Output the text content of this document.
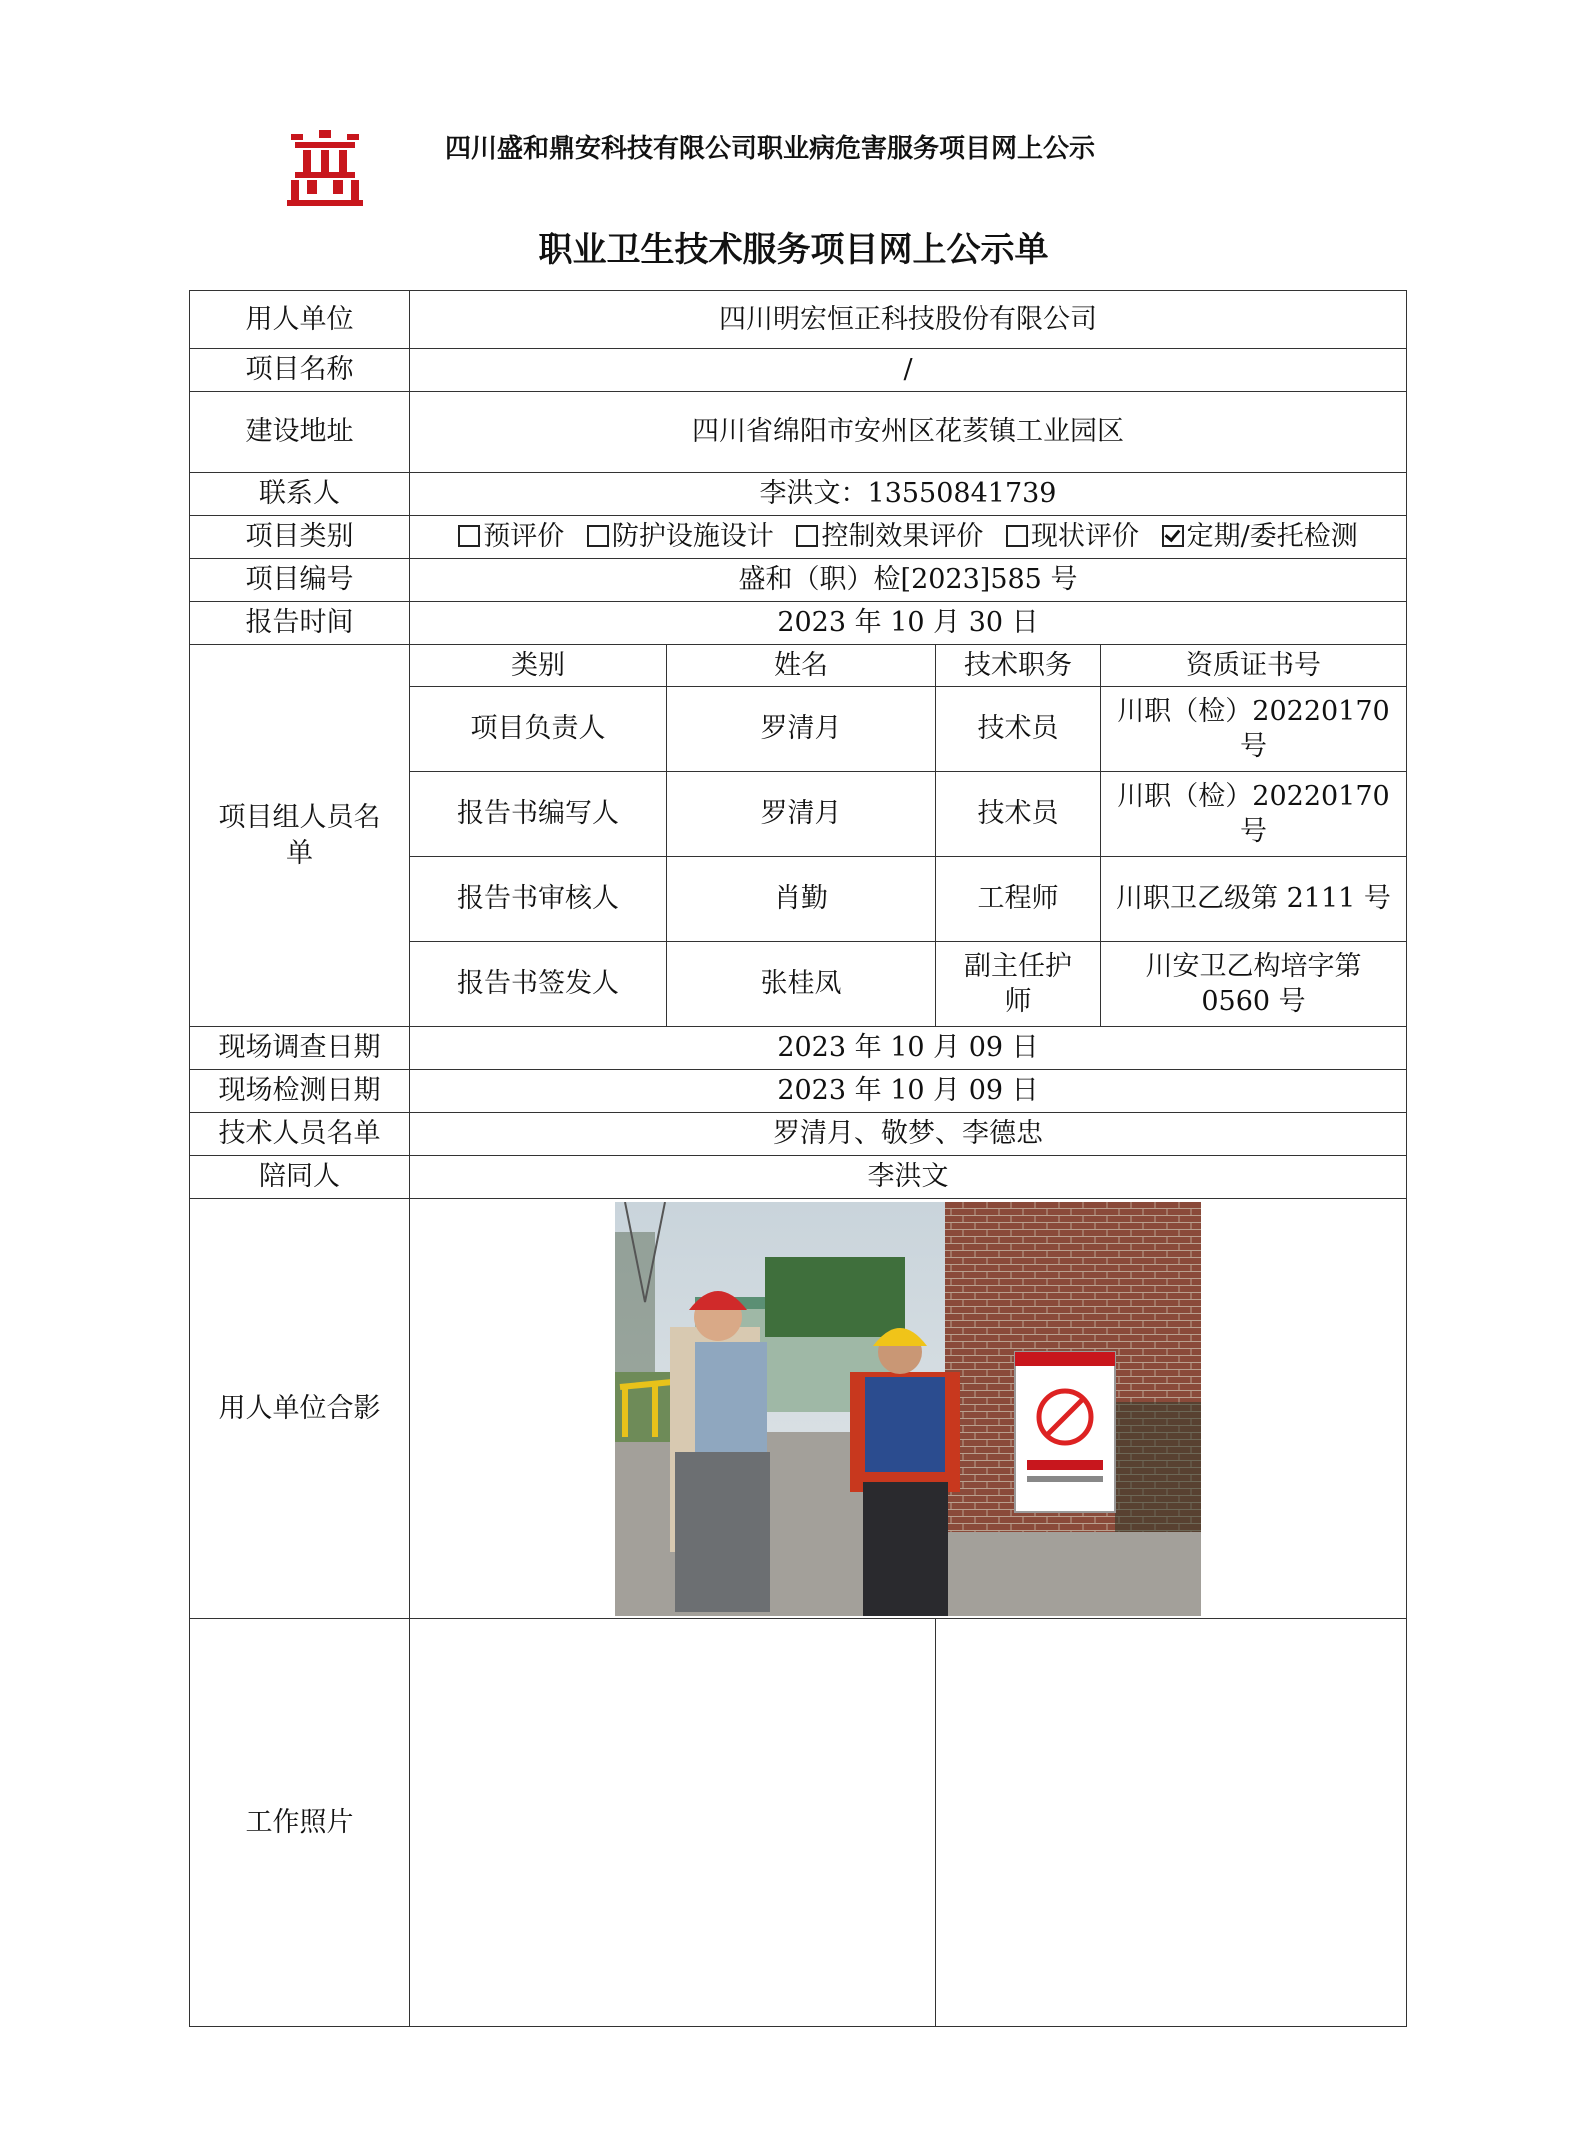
四川盛和鼎安科技有限公司职业病危害服务项目网上公示
职业卫生技术服务项目网上公示单
用人单位	四川明宏恒正科技股份有限公司			
项目名称	/			
建设地址	四川省绵阳市安州区花荄镇工业园区			
联系人	李洪文：13550841739			
项目类别	预评价 防护设施设计 控制效果评价 现状评价 定期/委托检测			
项目编号	盛和（职）检[2023]585 号			
报告时间	2023 年 10 月 30 日			
项目组人员名单	类别	姓名	技术职务	资质证书号
	项目负责人	罗清月	技术员	川职（检）20220170号
	报告书编写人	罗清月	技术员	川职（检）20220170号
	报告书审核人	肖勤	工程师	川职卫乙级第 2111 号
	报告书签发人	张桂凤	副主任护师	川安卫乙构培字第 0560 号
现场调查日期	2023 年 10 月 09 日			
现场检测日期	2023 年 10 月 09 日			
技术人员名单	罗清月、敬梦、李德忠			
陪同人	李洪文			
用人单位合影	

工作照片				
